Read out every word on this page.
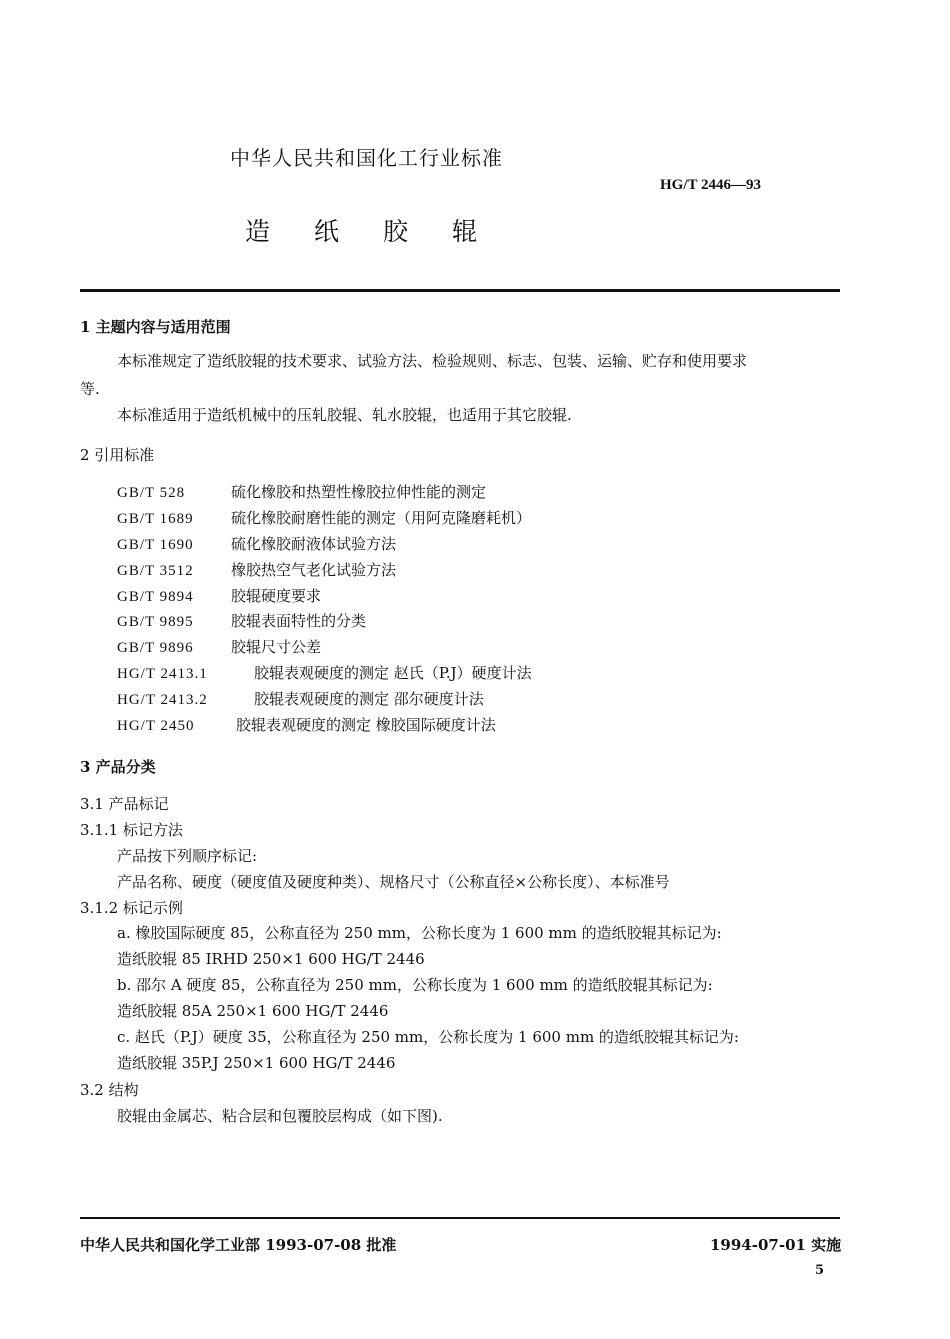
中华人民共和国化工行业标准
HG/T 2446—93
造 纸 胶 辊
1 主题内容与适用范围
本标准规定了造纸胶辊的技术要求、试验方法、检验规则、标志、包装、运输、贮存和使用要求
等.
本标准适用于造纸机械中的压轧胶辊、轧水胶辊，也适用于其它胶辊.
2 引用标准
GB/T 528	硫化橡胶和热塑性橡胶拉伸性能的测定
GB/T 1689 硫化橡胶耐磨性能的测定（用阿克隆磨耗机）
GB/T 1690 硫化橡胶耐液体试验方法
GB/T 3512 橡胶热空气老化试验方法
GB/T 9894 胶辊硬度要求
GB/T 9895 胶辊表面特性的分类
GB/T 9896 胶辊尺寸公差
HG/T 2413.1	胶辊表观硬度的测定 赵氏（P.J）硬度计法
HG/T 2413.2	胶辊表观硬度的测定 邵尔硬度计法
HG/T 2450	胶辊表观硬度的测定 橡胶国际硬度计法
3 产品分类
3.1 产品标记
3.1.1 标记方法
产品按下列顺序标记:
产品名称、硬度（硬度值及硬度种类）、规格尺寸（公称直径×公称长度）、本标准号
3.1.2 标记示例
a. 橡胶国际硬度 85，公称直径为 250 mm，公称长度为 1 600 mm 的造纸胶辊其标记为:
造纸胶辊 85 IRHD 250×1 600 HG/T 2446
b. 邵尔 A 硬度 85，公称直径为 250 mm，公称长度为 1 600 mm 的造纸胶辊其标记为:
造纸胶辊 85A 250×1 600 HG/T 2446
c. 赵氏（P.J）硬度 35，公称直径为 250 mm，公称长度为 1 600 mm 的造纸胶辊其标记为:
造纸胶辊 35P.J 250×1 600 HG/T 2446
3.2 结构
胶辊由金属芯、粘合层和包覆胶层构成（如下图).
中华人民共和国化学工业部 1993-07-08 批准	1994-07-01 实施
5
